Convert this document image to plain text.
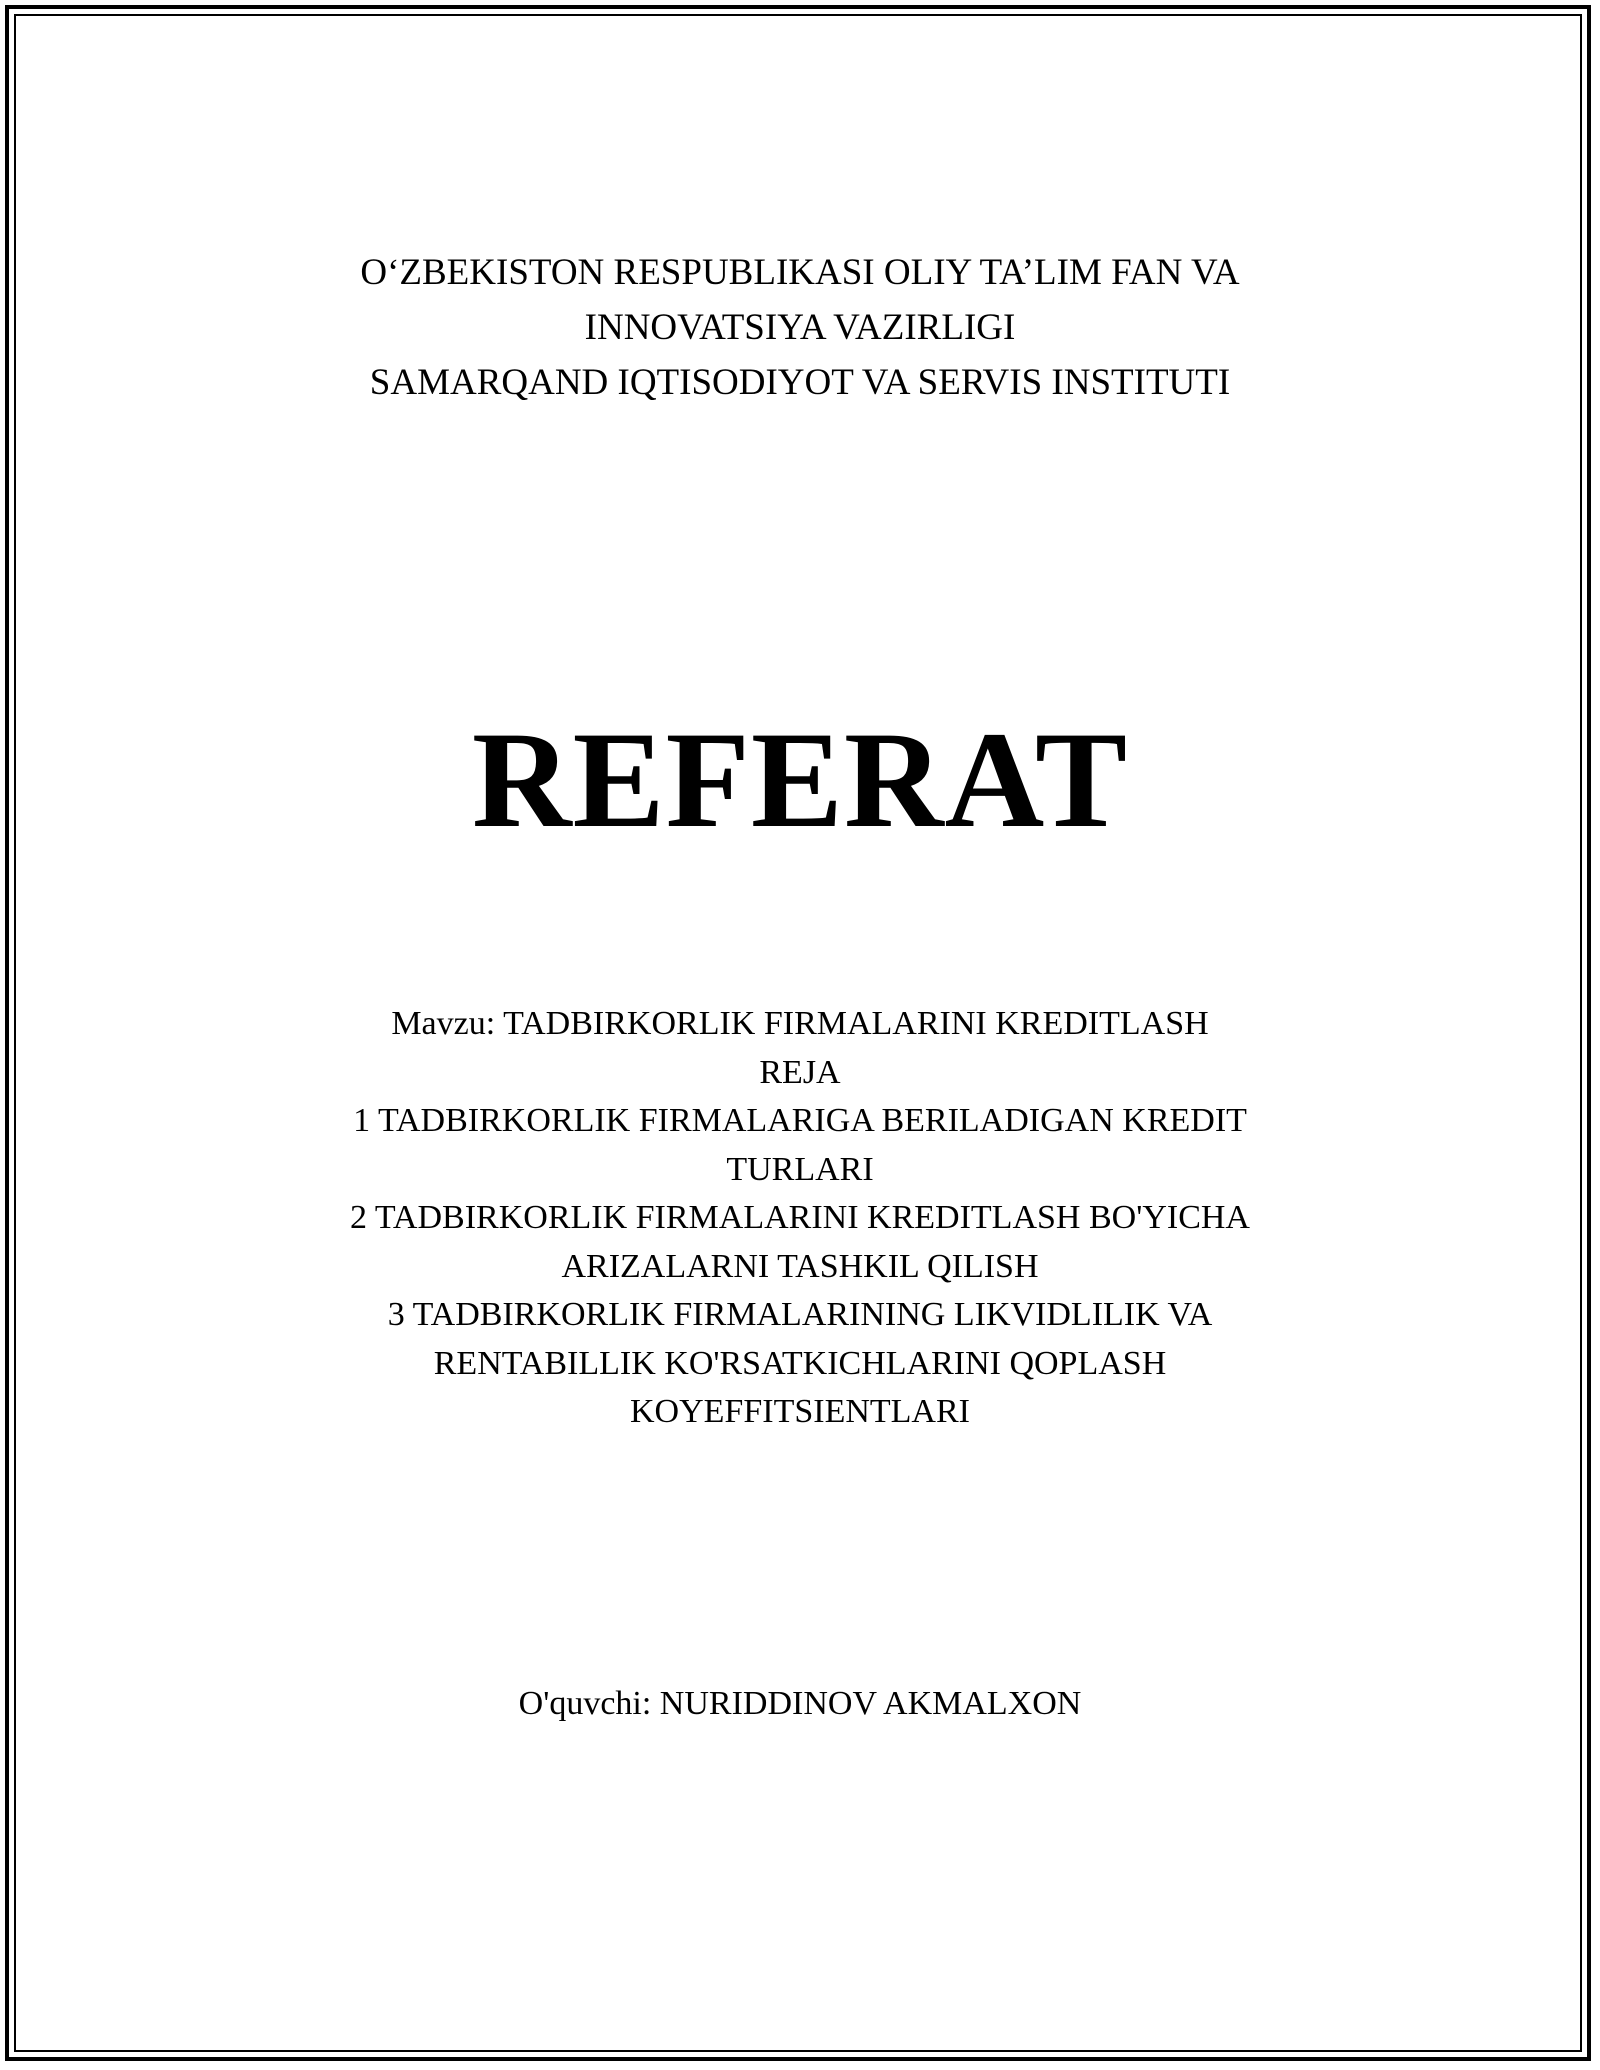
O‘ZBEKISTON RESPUBLIKASI OLIY TA’LIM FAN VA
INNOVATSIYA VAZIRLIGI
SAMARQAND IQTISODIYOT VA SERVIS INSTITUTI
REFERAT
Mavzu: TADBIRKORLIK FIRMALARINI KREDITLASH
REJA
1 TADBIRKORLIK FIRMALARIGA BERILADIGAN KREDIT
TURLARI
2 TADBIRKORLIK FIRMALARINI KREDITLASH BO'YICHA
ARIZALARNI TASHKIL QILISH
3 TADBIRKORLIK FIRMALARINING LIKVIDLILIK VA
RENTABILLIK KO'RSATKICHLARINI QOPLASH
KOYEFFITSIENTLARI
O'quvchi: NURIDDINOV AKMALXON
